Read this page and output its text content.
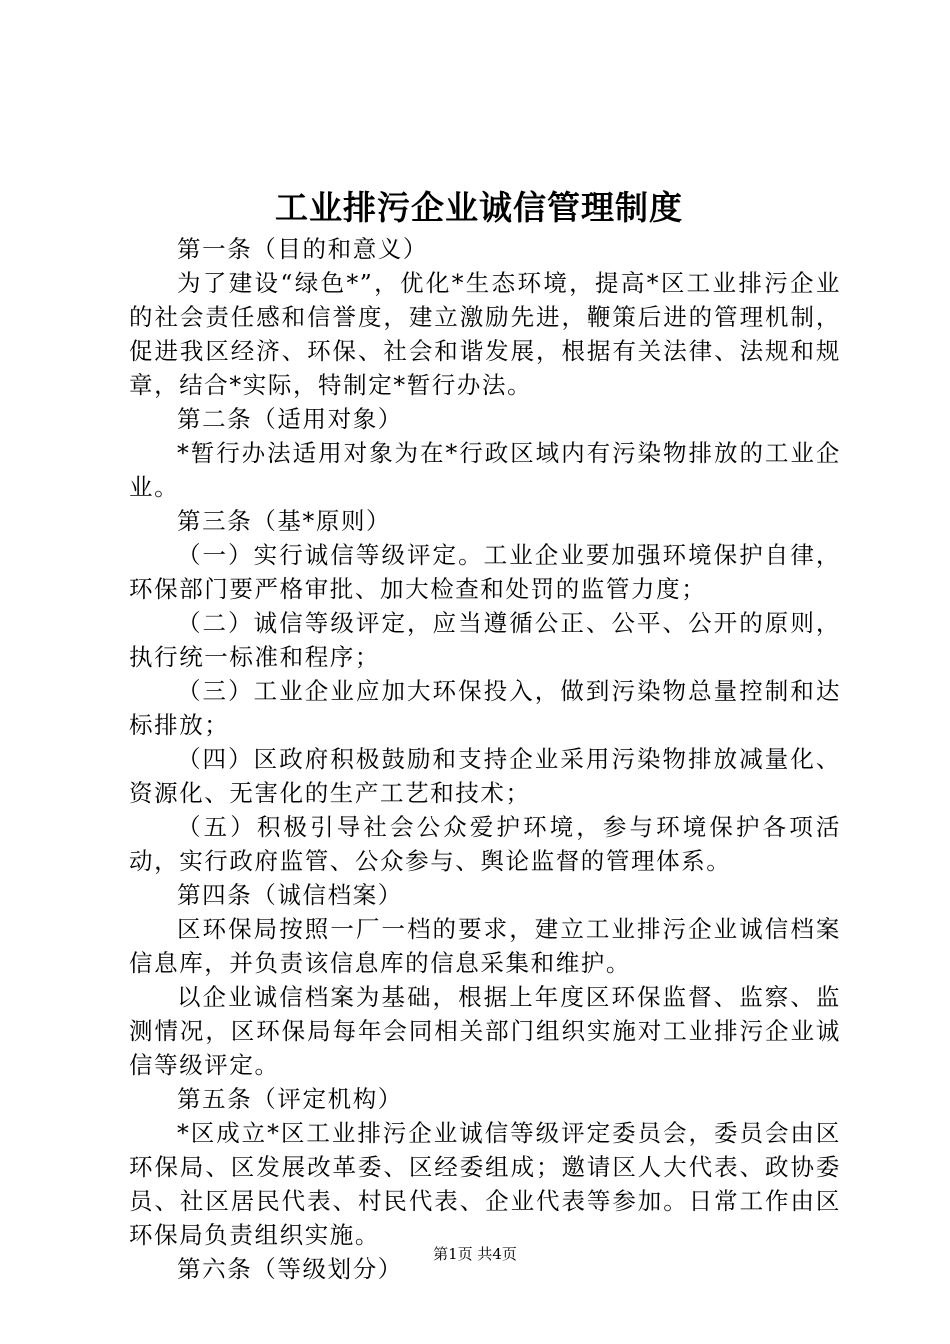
工业排污企业诚信管理制度

第一条（目的和意义）

为了建设“绿色*”，优化*生态环境，提高*区工业排污企业的社会责任感和信誉度，建立激励先进，鞭策后进的管理机制，促进我区经济、环保、社会和谐发展，根据有关法律、法规和规章，结合*实际，特制定*暂行办法。

第二条（适用对象）

*暂行办法适用对象为在*行政区域内有污染物排放的工业企业。

第三条（基*原则）

（一）实行诚信等级评定。工业企业要加强环境保护自律，环保部门要严格审批、加大检查和处罚的监管力度；

（二）诚信等级评定，应当遵循公正、公平、公开的原则，执行统一标准和程序；

（三）工业企业应加大环保投入，做到污染物总量控制和达标排放；

（四）区政府积极鼓励和支持企业采用污染物排放减量化、资源化、无害化的生产工艺和技术；

（五）积极引导社会公众爱护环境，参与环境保护各项活动，实行政府监管、公众参与、舆论监督的管理体系。

第四条（诚信档案）

区环保局按照一厂一档的要求，建立工业排污企业诚信档案信息库，并负责该信息库的信息采集和维护。

以企业诚信档案为基础，根据上年度区环保监督、监察、监测情况，区环保局每年会同相关部门组织实施对工业排污企业诚信等级评定。

第五条（评定机构）

*区成立*区工业排污企业诚信等级评定委员会，委员会由区环保局、区发展改革委、区经委组成；邀请区人大代表、政协委员、社区居民代表、村民代表、企业代表等参加。日常工作由区环保局负责组织实施。

第六条（等级划分）

第1页 共4页
